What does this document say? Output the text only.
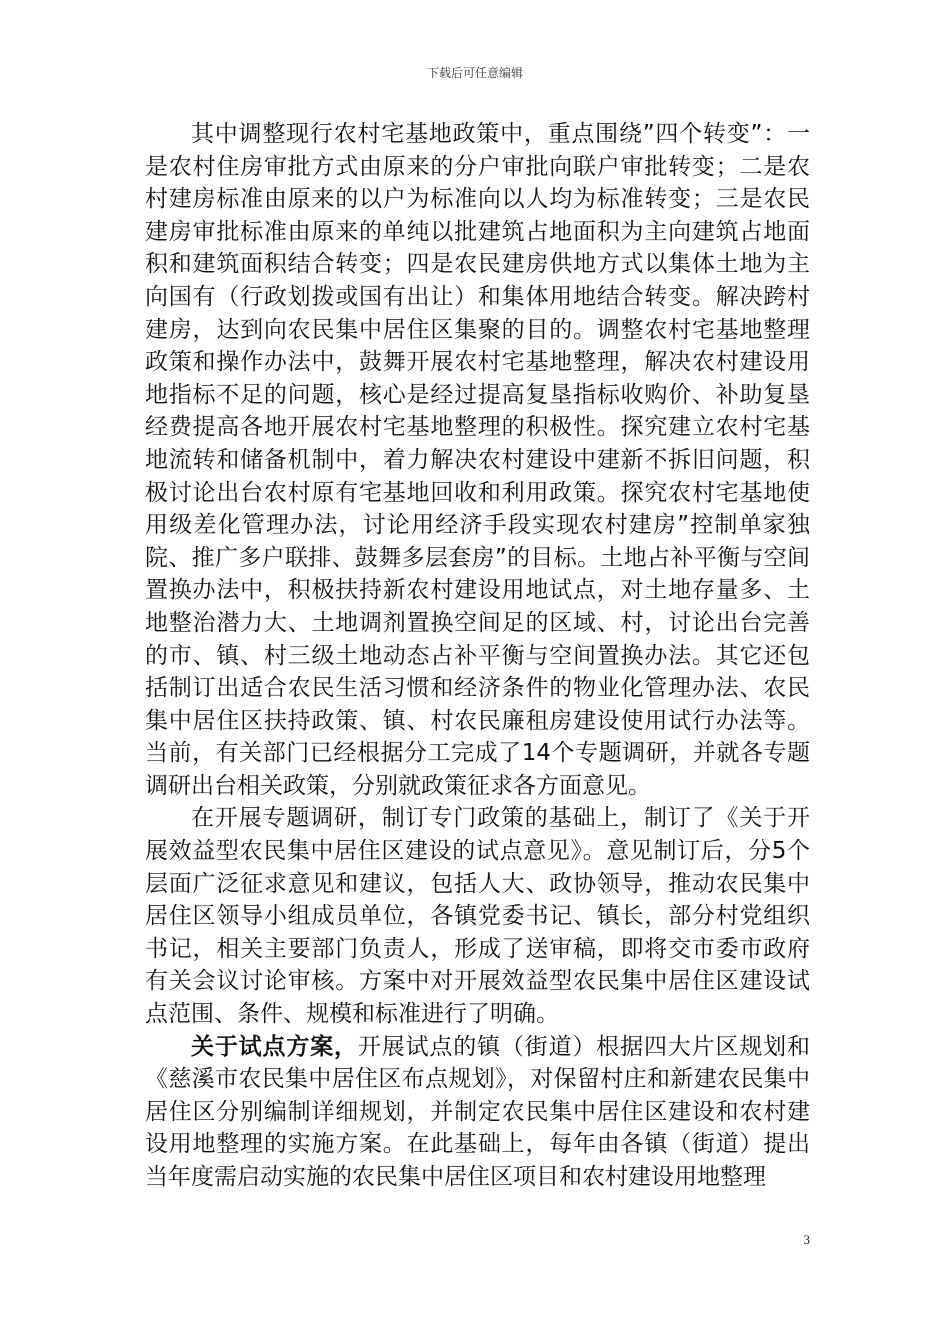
下载后可任意编辑

其中调整现行农村宅基地政策中，重点围绕”四个转变”：一是农村住房审批方式由原来的分户审批向联户审批转变；二是农村建房标准由原来的以户为标准向以人均为标准转变；三是农民建房审批标准由原来的单纯以批建筑占地面积为主向建筑占地面积和建筑面积结合转变；四是农民建房供地方式以集体土地为主向国有（行政划拨或国有出让）和集体用地结合转变。解决跨村建房，达到向农民集中居住区集聚的目的。调整农村宅基地整理政策和操作办法中，鼓舞开展农村宅基地整理，解决农村建设用地指标不足的问题，核心是经过提高复垦指标收购价、补助复垦经费提高各地开展农村宅基地整理的积极性。探究建立农村宅基地流转和储备机制中，着力解决农村建设中建新不拆旧问题，积极讨论出台农村原有宅基地回收和利用政策。探究农村宅基地使用级差化管理办法，讨论用经济手段实现农村建房”控制单家独院、推广多户联排、鼓舞多层套房”的目标。土地占补平衡与空间置换办法中，积极扶持新农村建设用地试点，对土地存量多、土地整治潜力大、土地调剂置换空间足的区域、村，讨论出台完善的市、镇、村三级土地动态占补平衡与空间置换办法。其它还包括制订出适合农民生活习惯和经济条件的物业化管理办法、农民集中居住区扶持政策、镇、村农民廉租房建设使用试行办法等。当前，有关部门已经根据分工完成了14个专题调研，并就各专题调研出台相关政策，分别就政策征求各方面意见。

在开展专题调研，制订专门政策的基础上，制订了《关于开展效益型农民集中居住区建设的试点意见》。意见制订后，分5个层面广泛征求意见和建议，包括人大、政协领导，推动农民集中居住区领导小组成员单位，各镇党委书记、镇长，部分村党组织书记，相关主要部门负责人，形成了送审稿，即将交市委市政府有关会议讨论审核。方案中对开展效益型农民集中居住区建设试点范围、条件、规模和标准进行了明确。

关于试点方案，开展试点的镇（街道）根据四大片区规划和《慈溪市农民集中居住区布点规划》，对保留村庄和新建农民集中居住区分别编制详细规划，并制定农民集中居住区建设和农村建设用地整理的实施方案。在此基础上，每年由各镇（街道）提出当年度需启动实施的农民集中居住区项目和农村建设用地整理

3
